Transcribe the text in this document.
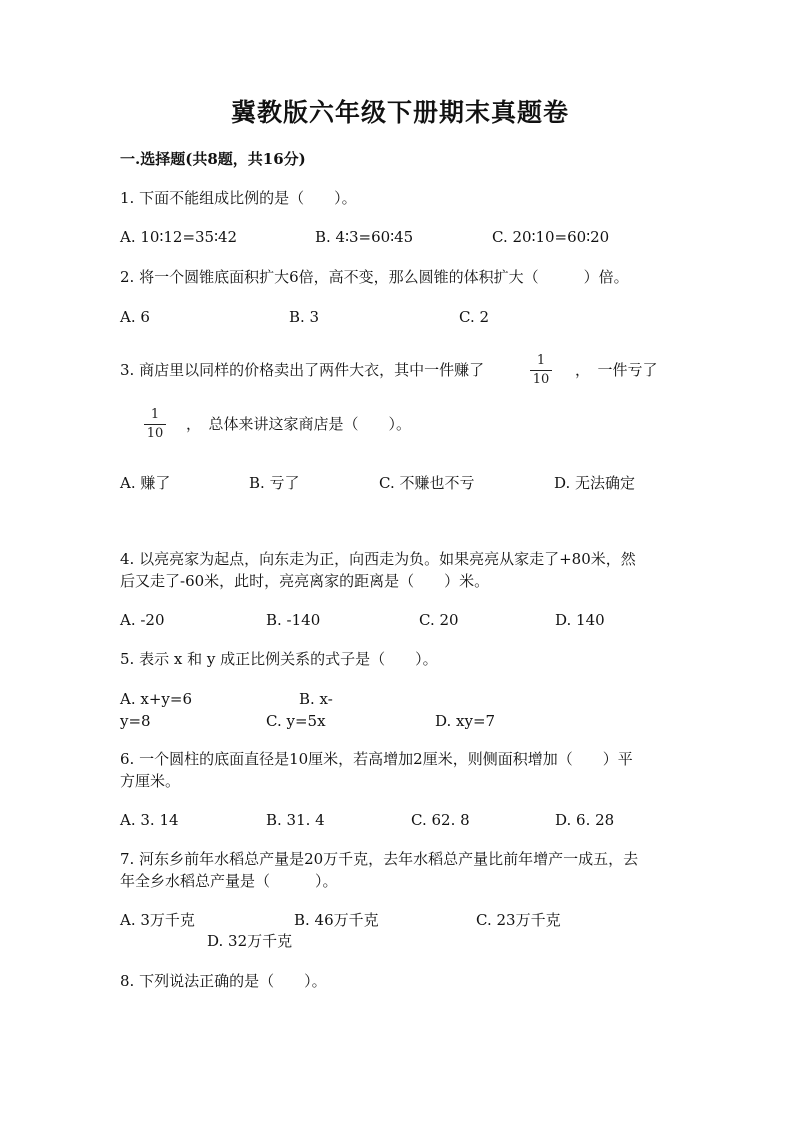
冀教版六年级下册期末真题卷
一.选择题(共8题，共16分)
1. 下面不能组成比例的是（　　）。
A. 10∶12=35∶42	B. 4∶3=60∶45	C. 20∶10=60∶20
2. 将一个圆锥底面积扩大6倍，高不变，那么圆锥的体积扩大（　　　）倍。
A. 6	B. 3	C. 2
3. 商店里以同样的价格卖出了两件大衣，其中一件赚了
1
10
，　一件亏了
1
10
，　总体来讲这家商店是（　　）。
A. 赚了	B. 亏了	C. 不赚也不亏	D. 无法确定
4. 以亮亮家为起点，向东走为正，向西走为负。如果亮亮从家走了+80米，然
后又走了-60米，此时，亮亮离家的距离是（　　）米。
A. -20	B. -140	C. 20	D. 140
5. 表示 x 和 y 成正比例关系的式子是（　　）。
A. x+y=6	B. x-
y=8	C. y=5x	D. xy=7
6. 一个圆柱的底面直径是10厘米，若高增加2厘米，则侧面积增加（　　）平
方厘米。
A. 3. 14	B. 31. 4	C. 62. 8	D. 6. 28
7. 河东乡前年水稻总产量是20万千克，去年水稻总产量比前年增产一成五，去
年全乡水稻总产量是（　　　）。
A. 3万千克	B. 46万千克	C. 23万千克
D. 32万千克
8. 下列说法正确的是（　　）。
